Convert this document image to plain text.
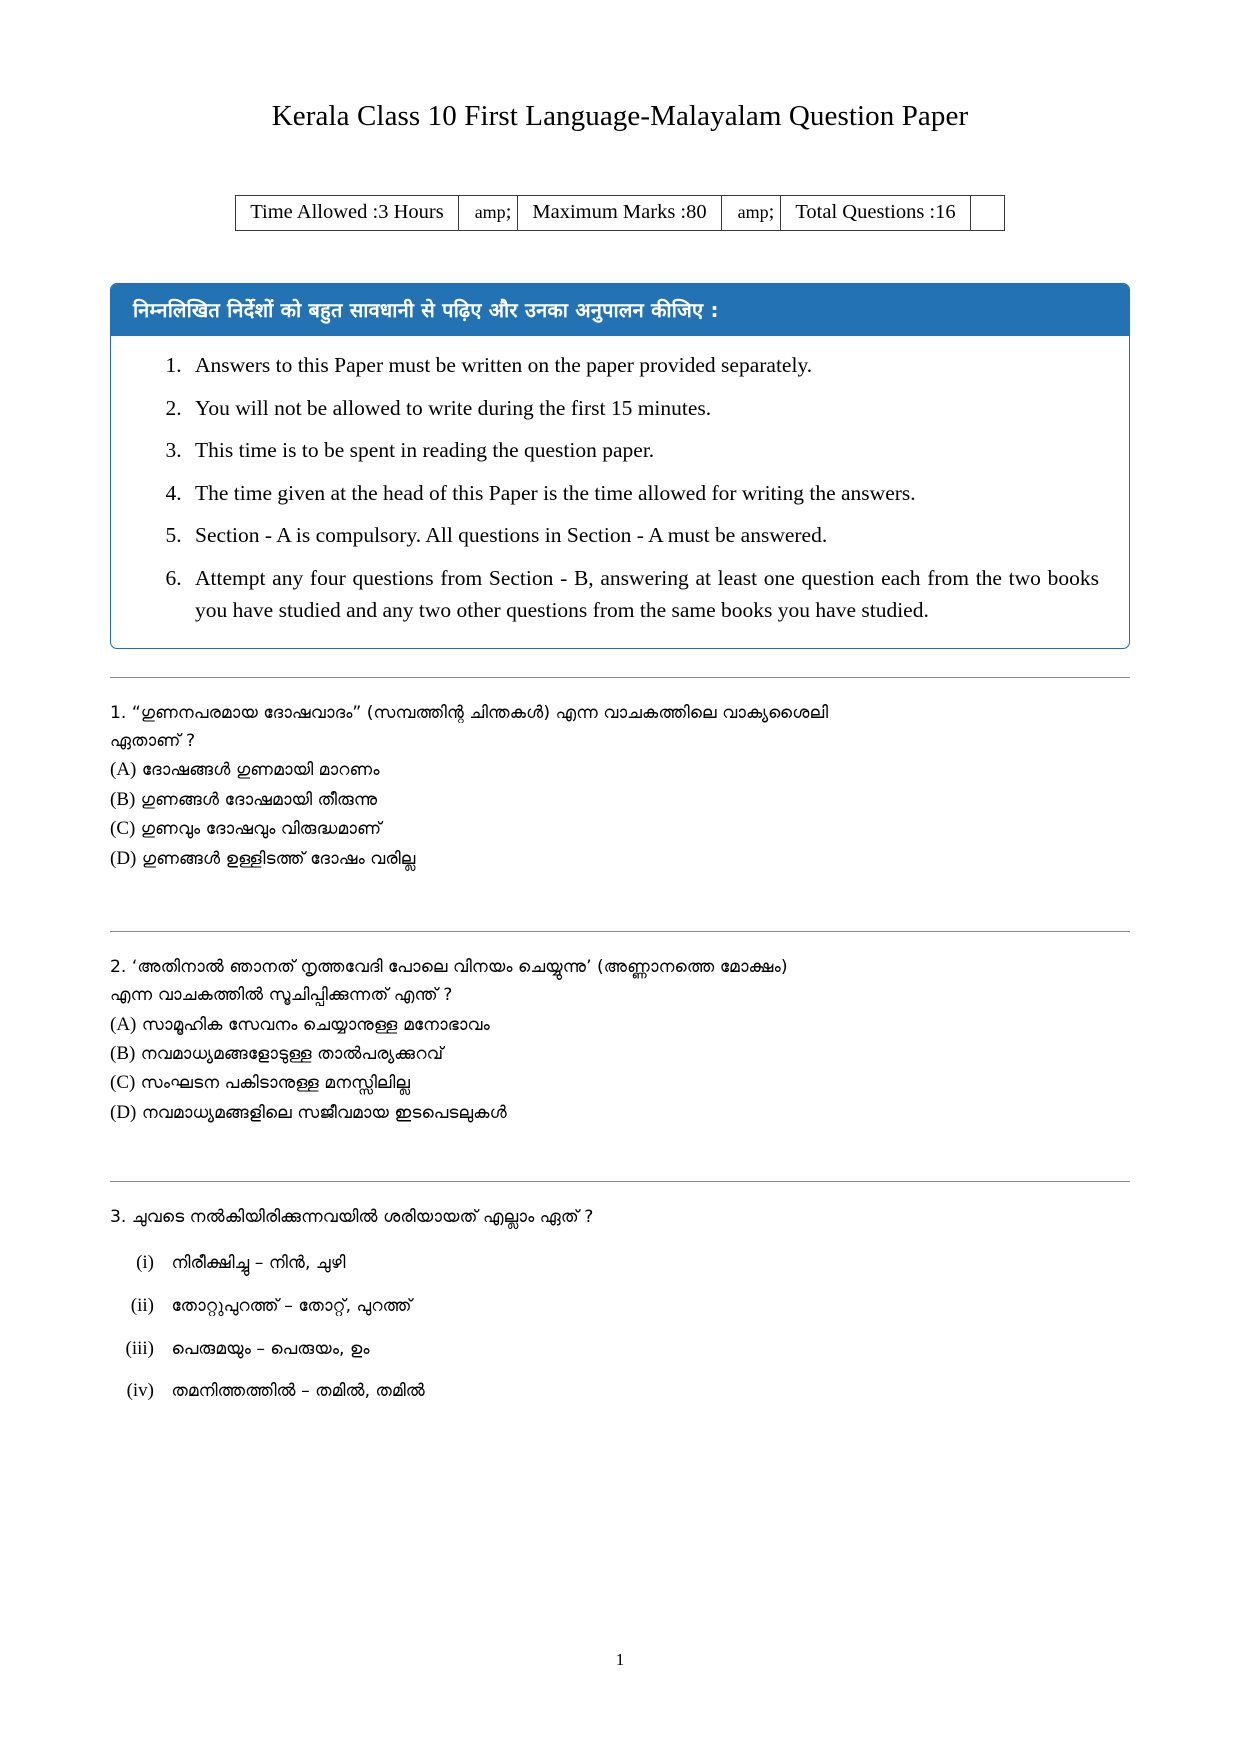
Kerala Class 10 First Language-Malayalam Question Paper
Time Allowed :3 Hours	amp;	Maximum Marks :80	amp;	Total Questions :16	
निम्नलिखित निर्देशों को बहुत सावधानी से पढ़िए और उनका अनुपालन कीजिए :
1. Answers to this Paper must be written on the paper provided separately.
2. You will not be allowed to write during the first 15 minutes.
3. This time is to be spent in reading the question paper.
4. The time given at the head of this Paper is the time allowed for writing the answers.
5. Section - A is compulsory. All questions in Section - A must be answered.
6. Attempt any four questions from Section - B, answering at least one question each from the two books you have studied and any two other questions from the same books you have studied.

1. “ഗുണനപരമായ ദോഷവാദം” (സമ്പത്തിന്റ ചിന്തകൾ) എന്ന വാചകത്തിലെ വാക്യശൈലി

ഏതാണ് ?

(A) ദോഷങ്ങൾ ഗുണമായി മാറണം

(B) ഗുണങ്ങൾ ദോഷമായി തീരുന്നു

(C) ഗുണവും ദോഷവും വിരുദ്ധമാണ്

(D) ഗുണങ്ങൾ ഉള്ളിടത്ത് ദോഷം വരില്ല

2. ‘അതിനാൽ ഞാനത് നൃത്തവേദി പോലെ വിനയം ചെയ്യുന്നു’ (അണ്ണാനത്തെ മോക്ഷം)

എന്ന വാചകത്തിൽ സൂചിപ്പിക്കുന്നത് എന്ത് ?

(A) സാമൂഹിക സേവനം ചെയ്യാനുള്ള മനോഭാവം

(B) നവമാധ്യമങ്ങളോടുള്ള താൽപര്യക്കുറവ്

(C) സംഘടന പകിടാനുള്ള മനസ്സിലില്ല

(D) നവമാധ്യമങ്ങളിലെ സജീവമായ ഇടപെടലുകൾ

3. ചുവടെ നൽകിയിരിക്കുന്നവയിൽ ശരിയായത് എല്ലാം ഏത് ?

(i) നിരീക്ഷിച്ചു – നിൻ, ചുഴി

(ii) തോറ്റുപുറത്ത് – തോറ്റ്, പുറത്ത്

(iii) പെരുമയും – പെരുയം, ഉം

(iv) തമനിത്തത്തിൽ – തമിൽ, തമിൽ

1
